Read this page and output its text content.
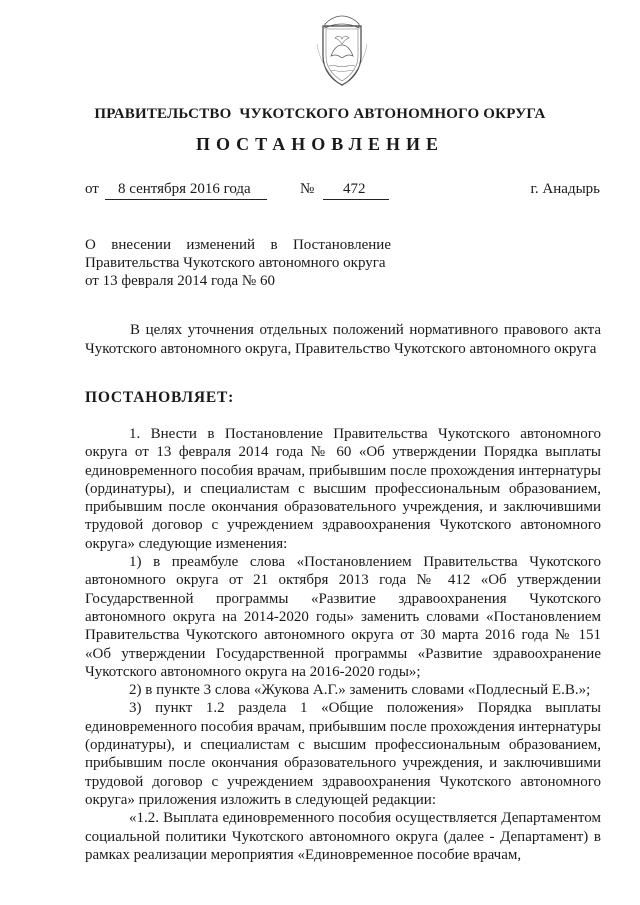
ПРАВИТЕЛЬСТВО  ЧУКОТСКОГО АВТОНОМНОГО ОКРУГА
ПОСТАНОВЛЕНИЕ
от 8 сентября 2016 года	№ 472	г. Анадырь
О внесении изменений в Постановление
Правительства Чукотского автономного округа
от 13 февраля 2014 года № 60

В целях уточнения отдельных положений нормативного правового акта Чукотского автономного округа, Правительство Чукотского автономного округа

ПОСТАНОВЛЯЕТ:

1. Внести в Постановление Правительства Чукотского автономного округа от 13 февраля 2014 года № 60 «Об утверждении Порядка выплаты единовременного пособия врачам, прибывшим после прохождения интернатуры (ординатуры), и специалистам с высшим профессиональным образованием, прибывшим после окончания образовательного учреждения, и заключившими трудовой договор с учреждением здравоохранения Чукотского автономного округа» следующие изменения:

1) в преамбуле слова «Постановлением Правительства Чукотского автономного округа от 21 октября 2013 года № 412 «Об утверждении Государственной программы «Развитие здравоохранения Чукотского автономного округа на 2014-2020 годы» заменить словами «Постановлением Правительства Чукотского автономного округа от 30 марта 2016 года № 151 «Об утверждении Государственной программы «Развитие здравоохранение Чукотского автономного округа на 2016-2020 годы»;

2) в пункте 3 слова «Жукова А.Г.» заменить словами «Подлесный Е.В.»;

3) пункт 1.2 раздела 1 «Общие положения» Порядка выплаты единовременного пособия врачам, прибывшим после прохождения интернатуры (ординатуры), и специалистам с высшим профессиональным образованием, прибывшим после окончания образовательного учреждения, и заключившими трудовой договор с учреждением здравоохранения Чукотского автономного округа» приложения изложить в следующей редакции:

«1.2. Выплата единовременного пособия осуществляется Департаментом социальной политики Чукотского автономного округа (далее - Департамент) в рамках реализации мероприятия «Единовременное пособие врачам,
